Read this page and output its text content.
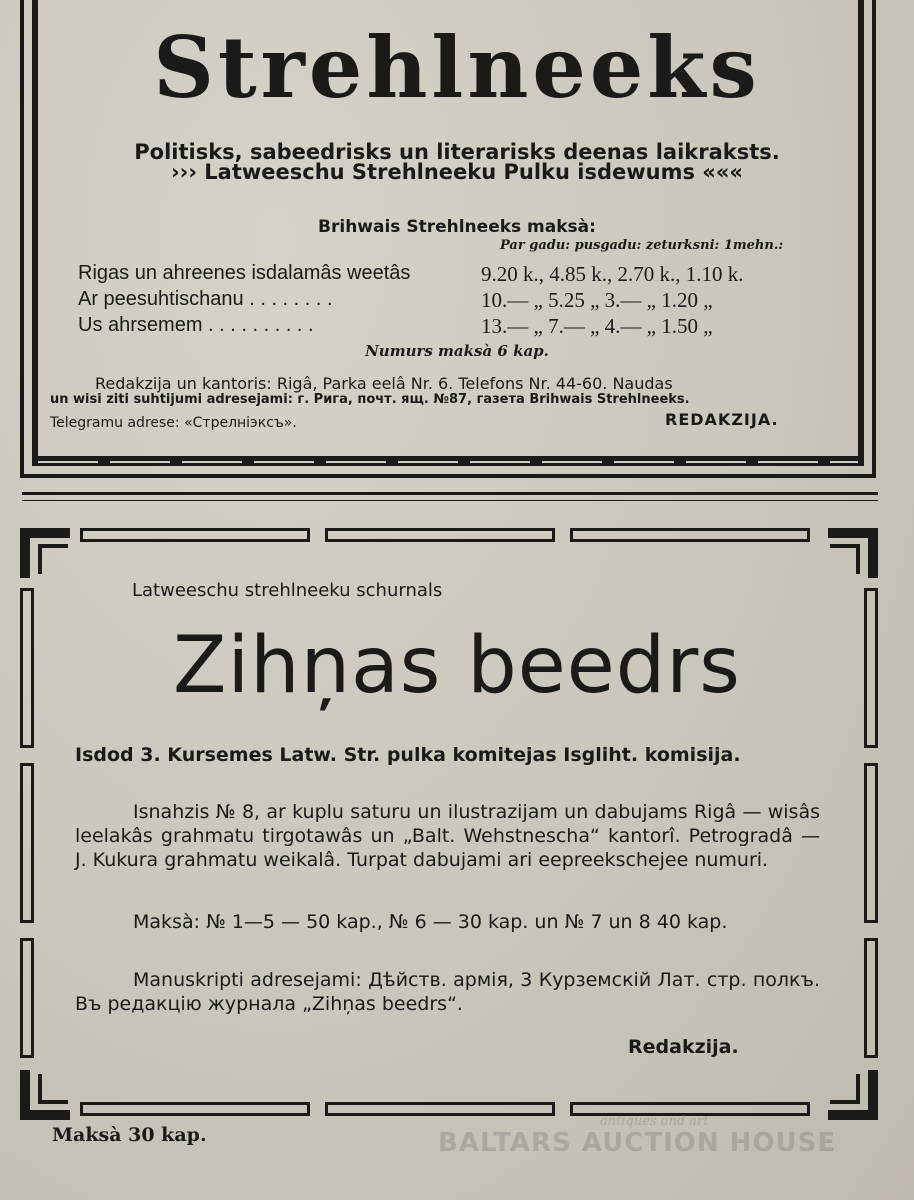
Strehlneeks
Politisks, sabeedrisks un literarisks deenas laikraksts.
››› Latweeschu Strehlneeku Pulku isdewums «««
Brihwais Strehlneeks maksà:
Par gadu: pusgadu: zeturksni: 1mehn.:
Rigas un ahreenes isdalamâs weetâs	9.20 k., 4.85 k., 2.70 k., 1.10 k.
Ar peesuhtischanu . . . . . . . .	10.— „ 5.25 „ 3.— „ 1.20 „
Us ahrsemem . . . . . . . . . .	13.— „ 7.— „ 4.— „ 1.50 „
Numurs maksà 6 kap.
Redakzija un kantoris: Rigâ, Parka eelâ Nr. 6. Telefons Nr. 44-60. Naudas
un wisi ziti suhtijumi adresejami: г. Рига, почт. ящ. №87, газета Brihwais Strehlneeks.
Telegramu adrese: «Стрелніэксъ».	REDAKZIJA.
Latweeschu strehlneeku schurnals
Zihņas beedrs
Isdod 3. Kursemes Latw. Str. pulka komitejas Isgliht. komisija.

Isnahzis № 8, ar kuplu saturu un ilustrazijam un dabujams Rigâ — wisâs leelakâs grahmatu tirgotawâs un „Balt. Wehstnescha“ kantorî. Petrogradâ — J. Kukura grahmatu weikalâ. Turpat dabujami ari eepreekschejee numuri.

Maksà: № 1—5 — 50 kap., № 6 — 30 kap. un № 7 un 8 40 kap.

Manuskripti adresejami: Дѣйств. армія, 3 Курземскій Лат. стр. полкъ. Въ редакцію журнала „Zihņas beedrs“.

Redakzija.
Maksà 30 kap.
antiques and art
BALTARS AUCTION HOUSE
